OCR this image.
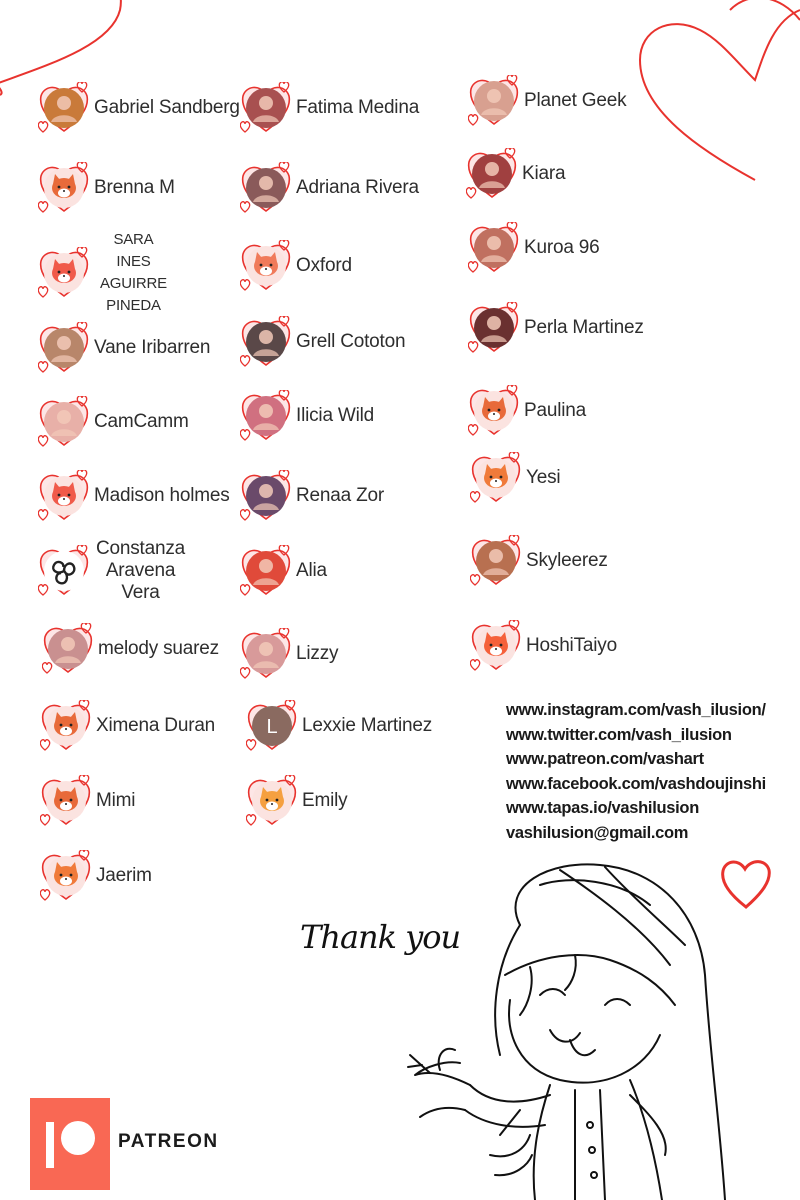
Gabriel Sandberg
Brenna M
SARA INES
AGUIRRE PINEDA
Vane Iribarren
CamCamm
Madison holmes
Constanza
Aravena Vera
melody suarez
Ximena Duran
Mimi
Jaerim
Fatima Medina
Adriana Rivera
Oxford
Grell Cototon
Ilicia Wild
Renaa Zor
Alia
Lizzy
L Lexxie Martinez
Emily
Planet Geek
Kiara
Kuroa 96
Perla Martinez
Paulina
Yesi
Skyleerez
HoshiTaiyo
www.instagram.com/vash_ilusion/
www.twitter.com/vash_ilusion
www.patreon.com/vashart
www.facebook.com/vashdoujinshi
www.tapas.io/vashilusion
vashilusion@gmail.com
Thank you
PATREON
